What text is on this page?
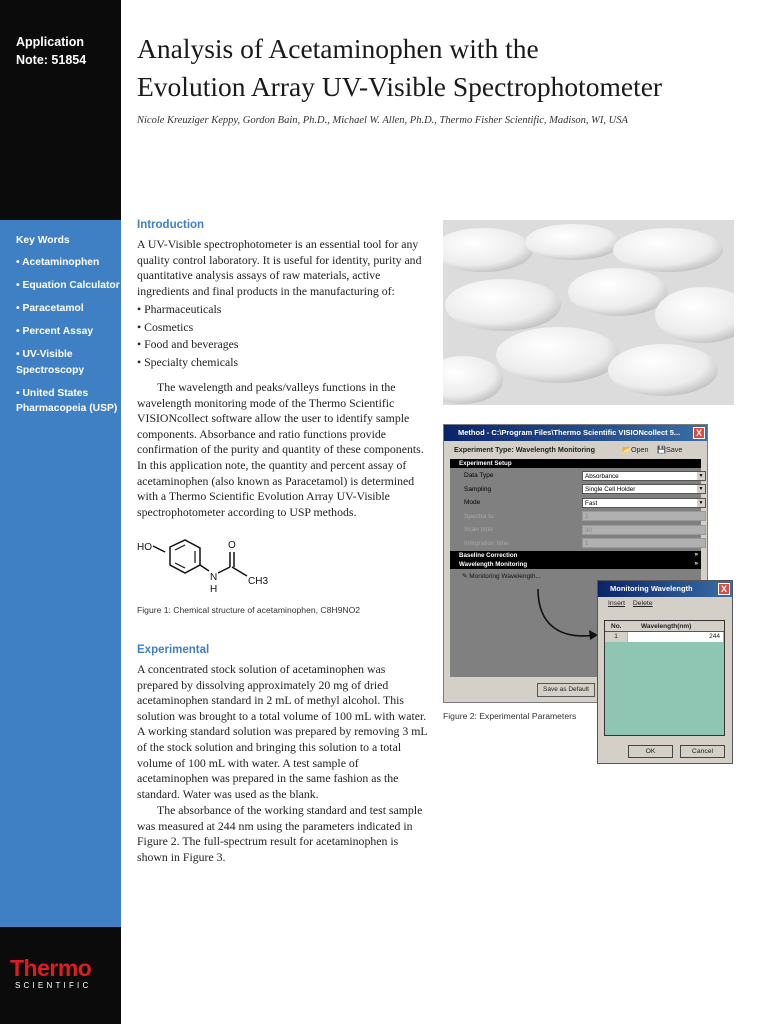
Application Note: 51854
Key Words
• Acetaminophen
• Equation Calculator
• Paracetamol
• Percent Assay
• UV-Visible Spectroscopy
• United States Pharmacopeia (USP)
Thermo
SCIENTIFIC
Analysis of Acetaminophen with the
Evolution Array UV-Visible Spectrophotometer
Nicole Kreuziger Keppy, Gordon Bain, Ph.D., Michael W. Allen, Ph.D., Thermo Fisher Scientific, Madison, WI, USA
Introduction
A UV-Visible spectrophotometer is an essential tool for any quality control laboratory. It is useful for identity, purity and quantitative analysis assays of raw materials, active ingredients and final products in the manufacturing of:
• Pharmaceuticals
• Cosmetics
• Food and beverages
• Specialty chemicals
The wavelength and peaks/valleys functions in the wavelength monitoring mode of the Thermo Scientific VISIONcollect software allow the user to identify sample components. Absorbance and ratio functions provide confirmation of the purity and quantity of these components. In this application note, the quantity and percent assay of acetaminophen (also known as Paracetamol) is determined with a Thermo Scientific Evolution Array UV-Visible spectrophotometer according to USP methods.
HO
N
H
O
CH3
Figure 1: Chemical structure of acetaminophen, C8H9NO2
Experimental
A concentrated stock solution of acetaminophen was prepared by dissolving approximately 20 mg of dried acetaminophen standard in 2 mL of methyl alcohol. This solution was brought to a total volume of 100 mL with water. A working standard solution was prepared by removing 3 mL of the stock solution and bringing this solution to a total volume of 100 mL with water. A test sample of acetaminophen was prepared in the same fashion as the standard. Water was used as the blank.
The absorbance of the working standard and test sample was measured at 244 nm using the parameters indicated in Figure 2. The full-spectrum result for acetaminophen is shown in Figure 3.
Method - C:\Program Files\Thermo Scientific VISIONcollect 5...	X
Experiment Type: Wavelength Monitoring	📂Open 💾Save
Experiment Setup
Data Type	Absorbance	▼
Sampling	Single Cell Holder	▼
Mode	Fast	▼
Spectra to	1
Scan time	30
Integration time	1
Baseline Correction	»
Wavelength Monitoring	»
✎ Monitoring Wavelength...
Save as Default
Monitoring Wavelength	X
Insert Delete
No.	Wavelength(nm)
1	244
OK	Cancel
Figure 2: Experimental Parameters
